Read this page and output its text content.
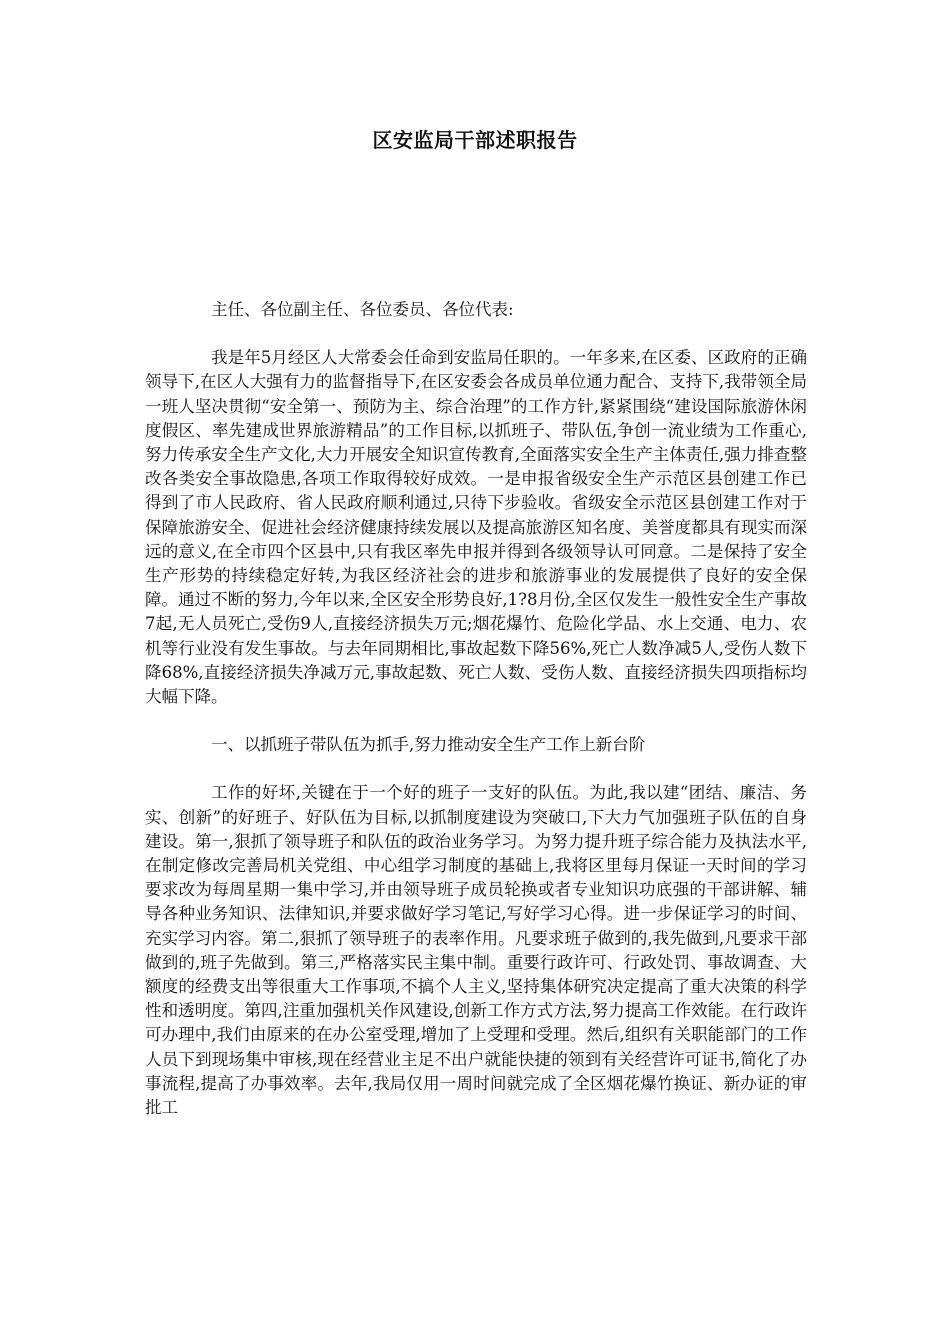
区安监局干部述职报告

主任、各位副主任、各位委员、各位代表:

我是年5月经区人大常委会任命到安监局任职的。一年多来,在区委、区政府的正确领导下,在区人大强有力的监督指导下,在区安委会各成员单位通力配合、支持下,我带领全局一班人坚决贯彻“安全第一、预防为主、综合治理”的工作方针,紧紧围绕“建设国际旅游休闲度假区、率先建成世界旅游精品”的工作目标,以抓班子、带队伍,争创一流业绩为工作重心,努力传承安全生产文化,大力开展安全知识宣传教育,全面落实安全生产主体责任,强力排查整改各类安全事故隐患,各项工作取得较好成效。一是申报省级安全生产示范区县创建工作已得到了市人民政府、省人民政府顺利通过,只待下步验收。省级安全示范区县创建工作对于保障旅游安全、促进社会经济健康持续发展以及提高旅游区知名度、美誉度都具有现实而深远的意义,在全市四个区县中,只有我区率先申报并得到各级领导认可同意。二是保持了安全生产形势的持续稳定好转,为我区经济社会的进步和旅游事业的发展提供了良好的安全保障。通过不断的努力,今年以来,全区安全形势良好,1?8月份,全区仅发生一般性安全生产事故7起,无人员死亡,受伤9人,直接经济损失万元;烟花爆竹、危险化学品、水上交通、电力、农机等行业没有发生事故。与去年同期相比,事故起数下降56%,死亡人数净减5人,受伤人数下降68%,直接经济损失净减万元,事故起数、死亡人数、受伤人数、直接经济损失四项指标均大幅下降。

一、以抓班子带队伍为抓手,努力推动安全生产工作上新台阶

工作的好坏,关键在于一个好的班子一支好的队伍。为此,我以建“团结、廉洁、务实、创新”的好班子、好队伍为目标,以抓制度建设为突破口,下大力气加强班子队伍的自身建设。第一,狠抓了领导班子和队伍的政治业务学习。为努力提升班子综合能力及执法水平,在制定修改完善局机关党组、中心组学习制度的基础上,我将区里每月保证一天时间的学习要求改为每周星期一集中学习,并由领导班子成员轮换或者专业知识功底强的干部讲解、辅导各种业务知识、法律知识,并要求做好学习笔记,写好学习心得。进一步保证学习的时间、充实学习内容。第二,狠抓了领导班子的表率作用。凡要求班子做到的,我先做到,凡要求干部做到的,班子先做到。第三,严格落实民主集中制。重要行政许可、行政处罚、事故调查、大额度的经费支出等很重大工作事项,不搞个人主义,坚持集体研究决定提高了重大决策的科学性和透明度。第四,注重加强机关作风建设,创新工作方式方法,努力提高工作效能。在行政许可办理中,我们由原来的在办公室受理,增加了上受理和受理。然后,组织有关职能部门的工作人员下到现场集中审核,现在经营业主足不出户就能快捷的领到有关经营许可证书,简化了办事流程,提高了办事效率。去年,我局仅用一周时间就完成了全区烟花爆竹换证、新办证的审批工
